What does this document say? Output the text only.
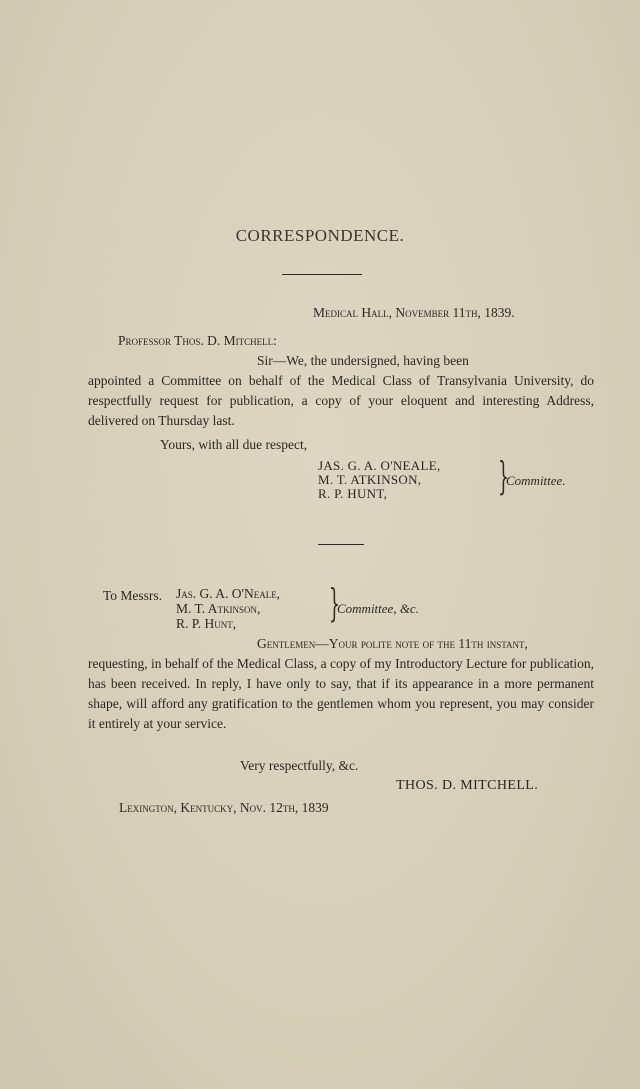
CORRESPONDENCE.
Medical Hall, November 11th, 1839.
Professor Thos. D. Mitchell:
Sir—We, the undersigned, having been
appointed a Committee on behalf of the Medical Class of Transylvania University, do respectfully request for publication, a copy of your eloquent and interesting Address, delivered on Thursday last.
Yours, with all due respect,
JAS. G. A. O'NEALE,
M. T. ATKINSON,
R. P. HUNT,	}
Committee.
To Messrs. Jas. G. A. O'Neale,
M. T. Atkinson,
R. P. Hunt,	}
Committee, &c.
Gentlemen—Your polite note of the 11th instant,
requesting, in behalf of the Medical Class, a copy of my Introductory Lecture for publication, has been received. In reply, I have only to say, that if its appearance in a more permanent shape, will afford any gratification to the gentlemen whom you represent, you may consider it entirely at your service.
Very respectfully, &c.
THOS. D. MITCHELL.
Lexington, Kentucky, Nov. 12th, 1839
